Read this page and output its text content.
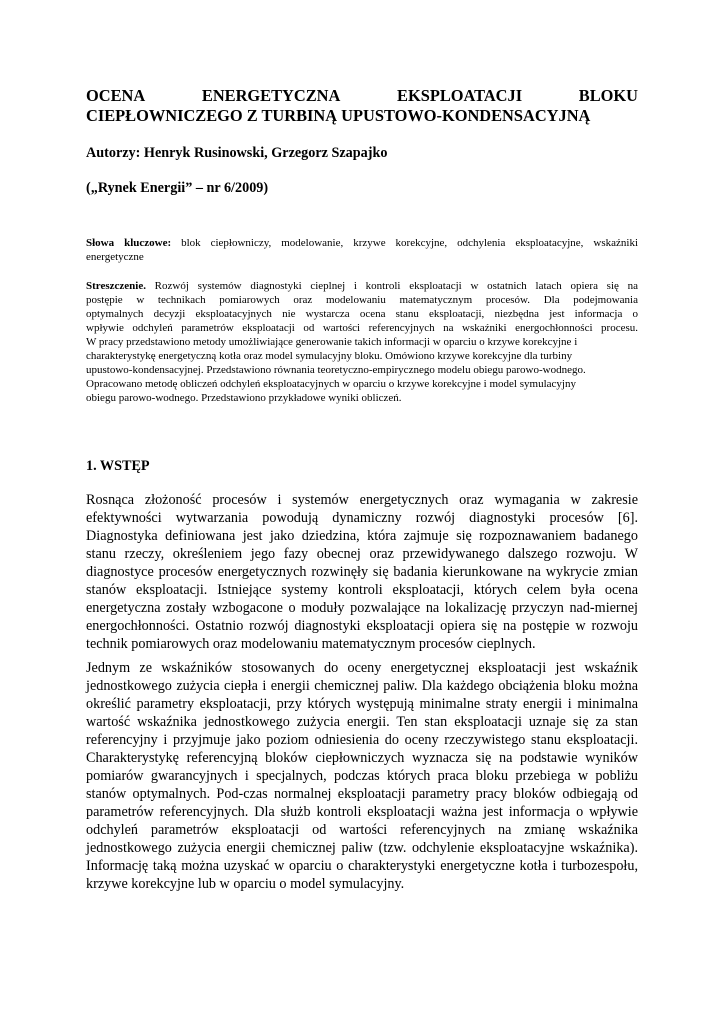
OCENA	ENERGETYCZNA	EKSPLOATACJI	BLOKU
CIEPŁOWNICZEGO Z TURBINĄ UPUSTOWO-KONDENSACYJNĄ

Autorzy: Henryk Rusinowski, Grzegorz Szapajko

(„Rynek Energii” – nr 6/2009)

Słowa kluczowe: blok ciepłowniczy, modelowanie, krzywe korekcyjne, odchylenia eksploatacyjne, wskaźniki
energetyczne
Streszczenie. Rozwój systemów diagnostyki cieplnej i kontroli eksploatacji w ostatnich latach opiera się na
postępie w technikach pomiarowych oraz modelowaniu matematycznym procesów. Dla podejmowania
optymalnych decyzji eksploatacyjnych nie wystarcza ocena stanu eksploatacji, niezbędna jest informacja o
wpływie odchyleń parametrów eksploatacji od wartości referencyjnych na wskaźniki energochłonności procesu.
W pracy przedstawiono metody umożliwiające generowanie takich informacji w oparciu o krzywe korekcyjne i
charakterystykę energetyczną kotła oraz model symulacyjny bloku. Omówiono krzywe korekcyjne dla turbiny
upustowo-kondensacyjnej. Przedstawiono równania teoretyczno-empirycznego modelu obiegu parowo-wodnego.
Opracowano metodę obliczeń odchyleń eksploatacyjnych w oparciu o krzywe korekcyjne i model symulacyjny
obiegu parowo-wodnego. Przedstawiono przykładowe wyniki obliczeń.
1. WSTĘP
Rosnąca złożoność procesów i systemów energetycznych oraz wymagania w zakresie
efektywności wytwarzania powodują dynamiczny rozwój diagnostyki procesów [6].
Diagnostyka definiowana jest jako dziedzina, która zajmuje się rozpoznawaniem badanego
stanu rzeczy, określeniem jego fazy obecnej oraz przewidywanego dalszego rozwoju. W
diagnostyce procesów energetycznych rozwinęły się badania kierunkowane na wykrycie zmian
stanów eksploatacji. Istniejące systemy kontroli eksploatacji, których celem była ocena
energetyczna zostały wzbogacone o moduły pozwalające na lokalizację przyczyn nad-miernej
energochłonności. Ostatnio rozwój diagnostyki eksploatacji opiera się na postępie w rozwoju
technik pomiarowych oraz modelowaniu matematycznym procesów cieplnych.
Jednym ze wskaźników stosowanych do oceny energetycznej eksploatacji jest wskaźnik
jednostkowego zużycia ciepła i energii chemicznej paliw. Dla każdego obciążenia bloku można
określić parametry eksploatacji, przy których występują minimalne straty energii i minimalna
wartość wskaźnika jednostkowego zużycia energii. Ten stan eksploatacji uznaje się za stan
referencyjny i przyjmuje jako poziom odniesienia do oceny rzeczywistego stanu eksploatacji.
Charakterystykę referencyjną bloków ciepłowniczych wyznacza się na podstawie wyników
pomiarów gwarancyjnych i specjalnych, podczas których praca bloku przebiega w pobliżu
stanów optymalnych. Pod-czas normalnej eksploatacji parametry pracy bloków odbiegają od
parametrów referencyjnych. Dla służb kontroli eksploatacji ważna jest informacja o wpływie
odchyleń parametrów eksploatacji od wartości referencyjnych na zmianę wskaźnika
jednostkowego zużycia energii chemicznej paliw (tzw. odchylenie eksploatacyjne wskaźnika).
Informację taką można uzyskać w oparciu o charakterystyki energetyczne kotła i turbozespołu,
krzywe korekcyjne lub w oparciu o model symulacyjny.
